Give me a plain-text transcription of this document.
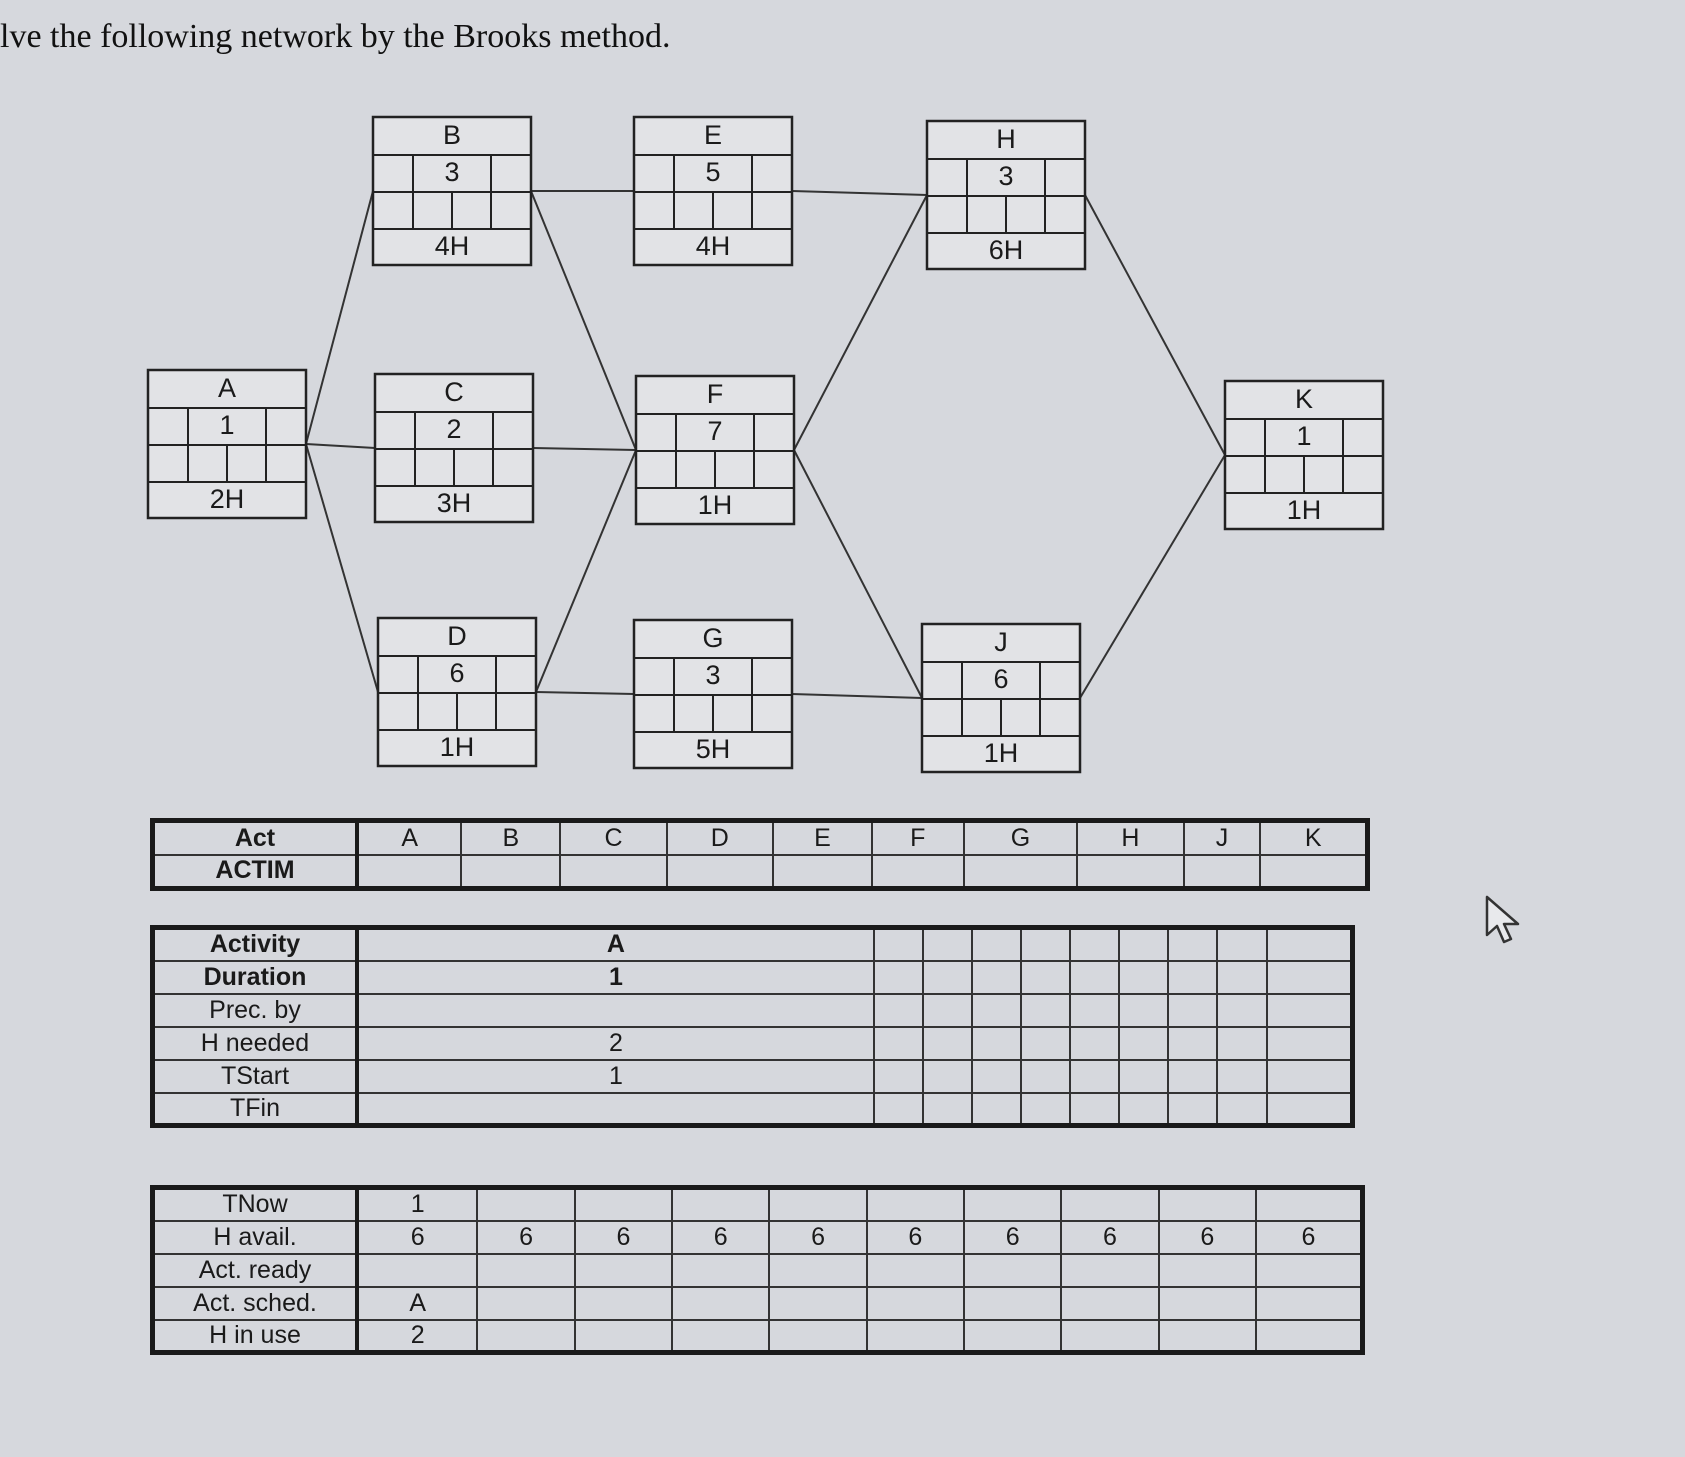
lve the following network by the Brooks method.
A
1
2H
B
3
4H
C
2
3H
D
6
1H
E
5
4H
F
7
1H
G
3
5H
H
3
6H
J
6
1H
K
1
1H
Act	A	B	C	D	E	F	G	H	J	K
ACTIM										
Activity	A									
Duration	1									
Prec. by										
H needed	2									
TStart	1									
TFin										
TNow	1									
H avail.	6	6	6	6	6	6	6	6	6	6
Act. ready										
Act. sched.	A									
H in use	2									
